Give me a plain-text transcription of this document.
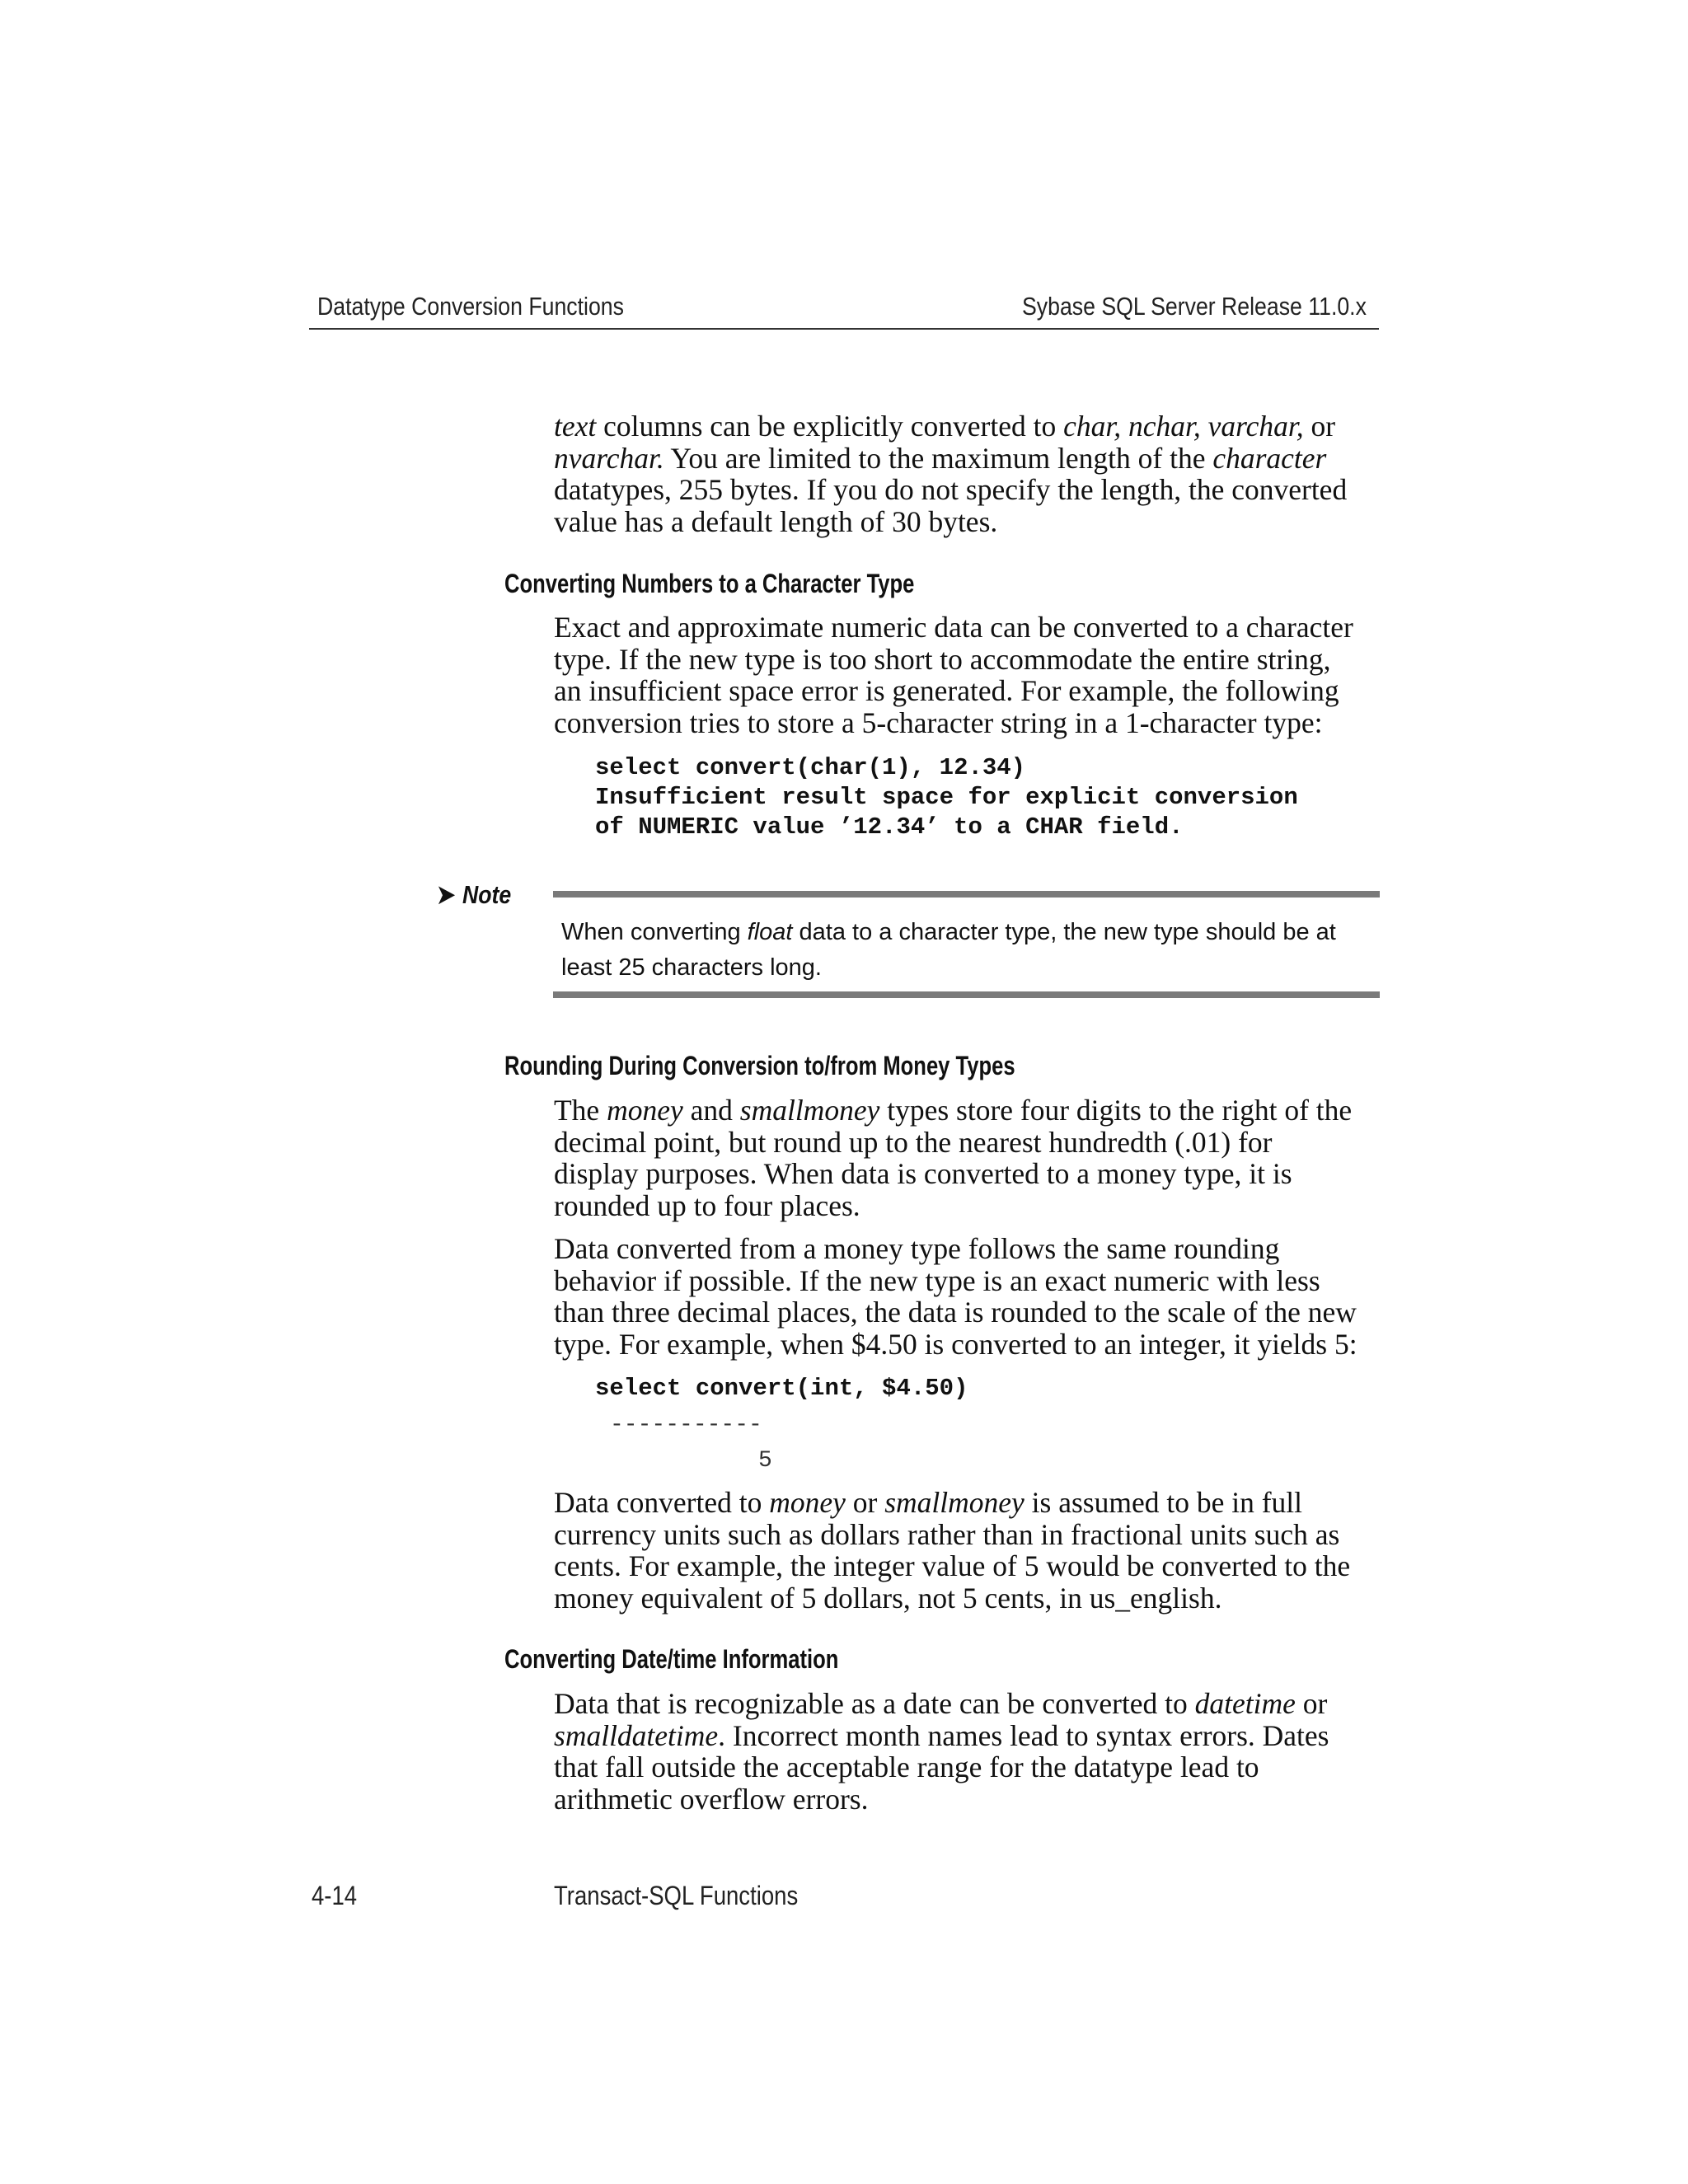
Datatype Conversion Functions	Sybase SQL Server Release 11.0.x

text columns can be explicitly converted to char, nchar, varchar, or nvarchar. You are limited to the maximum length of the character datatypes, 255 bytes. If you do not specify the length, the converted value has a default length of 30 bytes.

Converting Numbers to a Character Type

Exact and approximate numeric data can be converted to a character type. If the new type is too short to accommodate the entire string, an insufficient space error is generated. For example, the following conversion tries to store a 5-character string in a 1-character type:

select convert(char(1), 12.34)
Insufficient result space for explicit conversion
of NUMERIC value ’12.34’ to a CHAR field.
➤ Note
When converting float data to a character type, the new type should be at least 25 characters long.
Rounding During Conversion to/from Money Types

The money and smallmoney types store four digits to the right of the decimal point, but round up to the nearest hundredth (.01) for display purposes. When data is converted to a money type, it is rounded up to four places.

Data converted from a money type follows the same rounding behavior if possible. If the new type is an exact numeric with less than three decimal places, the data is rounded to the scale of the new type. For example, when $4.50 is converted to an integer, it yields 5:

select convert(int, $4.50)
-----------
5

Data converted to money or smallmoney is assumed to be in full currency units such as dollars rather than in fractional units such as cents. For example, the integer value of 5 would be converted to the money equivalent of 5 dollars, not 5 cents, in us_english.

Converting Date/time Information

Data that is recognizable as a date can be converted to datetime or smalldatetime. Incorrect month names lead to syntax errors. Dates that fall outside the acceptable range for the datatype lead to arithmetic overflow errors.

4-14	Transact-SQL Functions
